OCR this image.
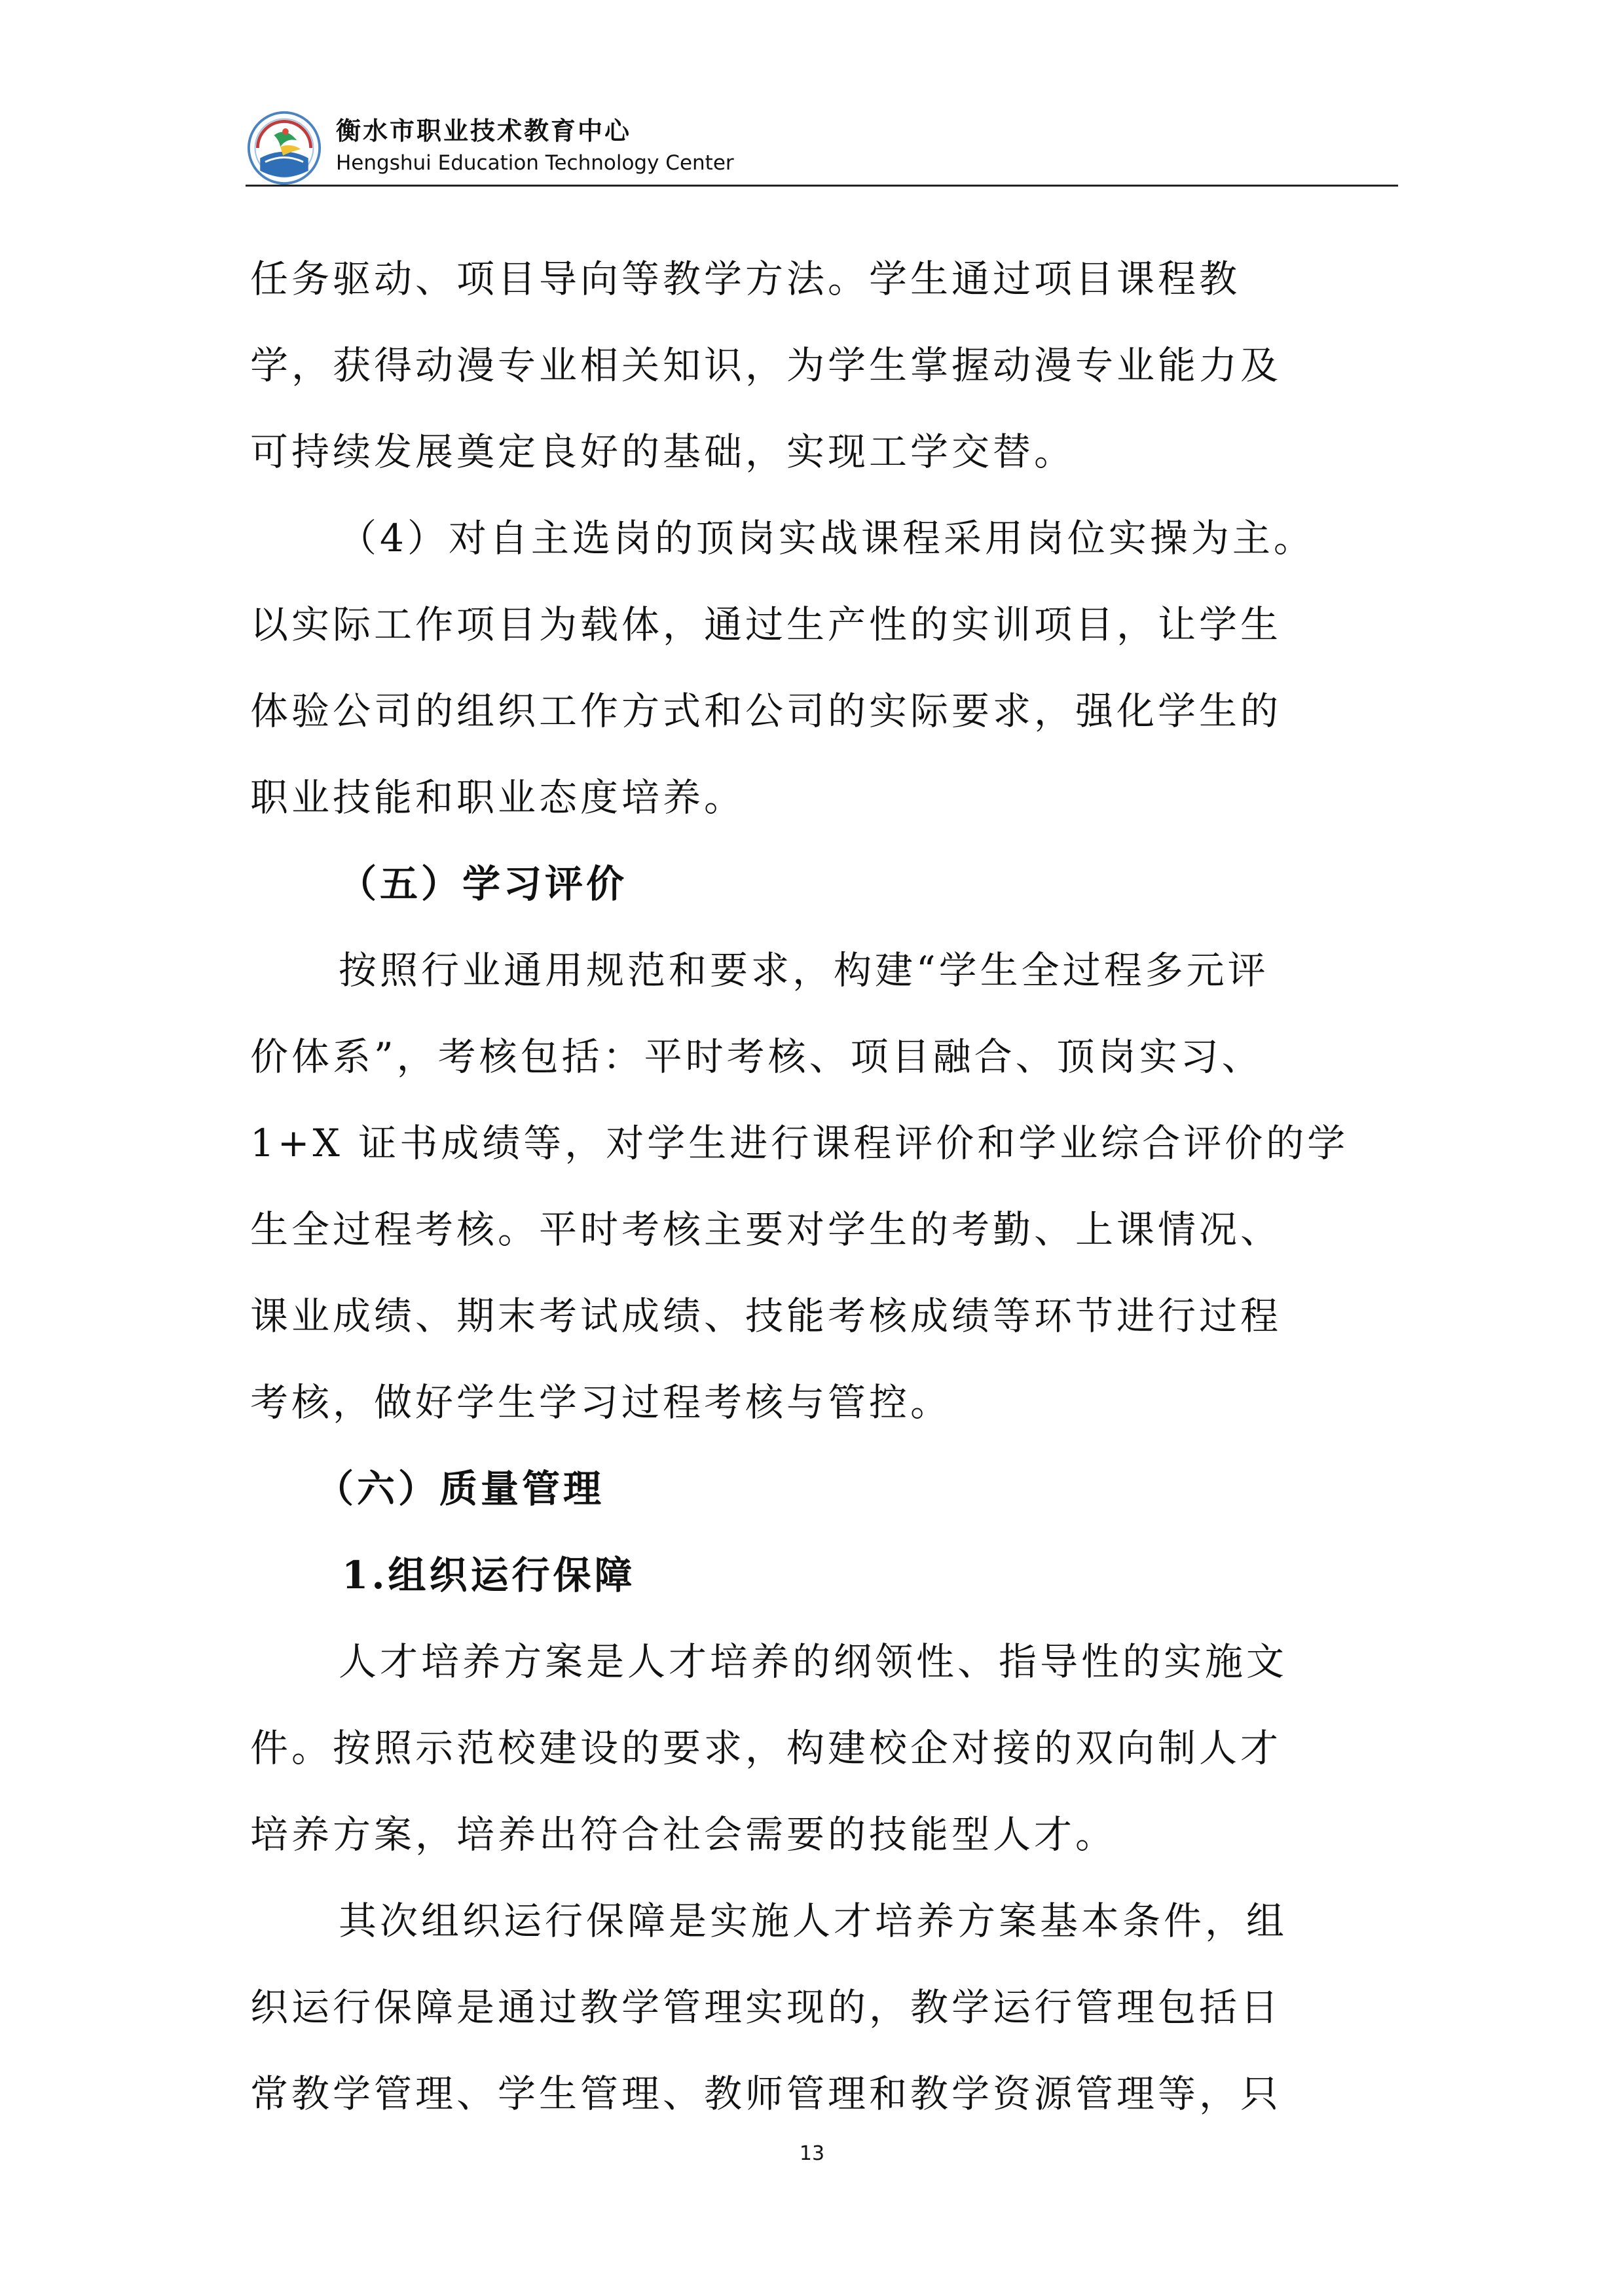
衡水市职业技术教育中心
Hengshui Education Technology Center
任务驱动、项目导向等教学方法。学生通过项目课程教
学，获得动漫专业相关知识，为学生掌握动漫专业能力及
可持续发展奠定良好的基础，实现工学交替。
（4）对自主选岗的顶岗实战课程采用岗位实操为主。
以实际工作项目为载体，通过生产性的实训项目，让学生
体验公司的组织工作方式和公司的实际要求，强化学生的
职业技能和职业态度培养。
（五）学习评价
按照行业通用规范和要求，构建“学生全过程多元评
价体系”，考核包括：平时考核、项目融合、顶岗实习、
1+X 证书成绩等，对学生进行课程评价和学业综合评价的学
生全过程考核。平时考核主要对学生的考勤、上课情况、
课业成绩、期末考试成绩、技能考核成绩等环节进行过程
考核，做好学生学习过程考核与管控。
（六）质量管理
1.组织运行保障
人才培养方案是人才培养的纲领性、指导性的实施文
件。按照示范校建设的要求，构建校企对接的双向制人才
培养方案，培养出符合社会需要的技能型人才。
其次组织运行保障是实施人才培养方案基本条件，组
织运行保障是通过教学管理实现的，教学运行管理包括日
常教学管理、学生管理、教师管理和教学资源管理等，只
13
